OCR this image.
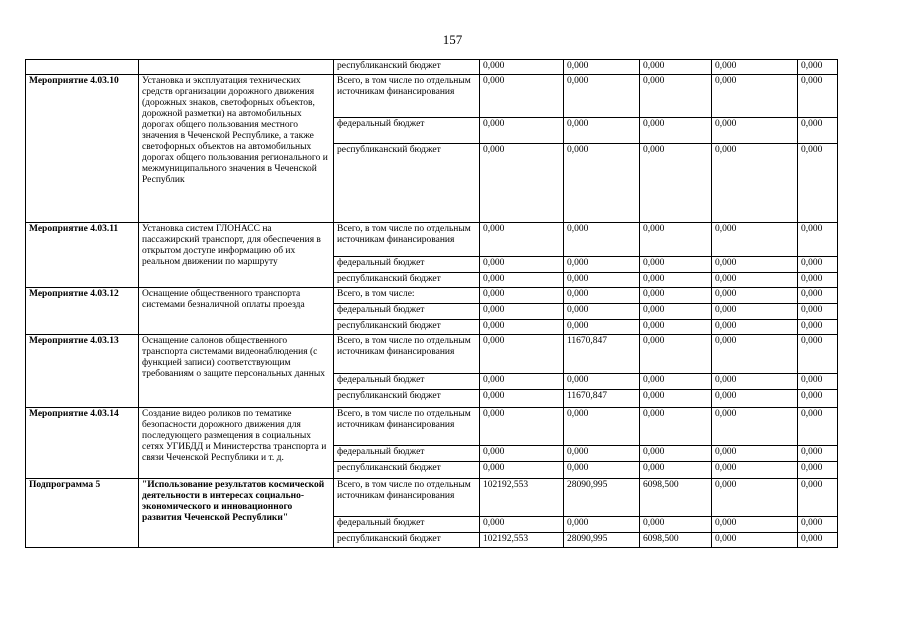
157
		республиканский бюджет	0,000	0,000	0,000	0,000	0,000
Мероприятие 4.03.10	Установка и эксплуатация технических средств организации дорожного движения (дорожных знаков, светофорных объектов, дорожной разметки) на автомобильных дорогах общего пользования местного значения в Чеченской Республике, а также светофорных объектов на автомобильных дорогах общего пользования регионального и межмуниципального значения в Чеченской Республик	Всего, в том числе по отдельным источникам финансирования	0,000	0,000	0,000	0,000	0,000
		федеральный бюджет	0,000	0,000	0,000	0,000	0,000
		республиканский бюджет	0,000	0,000	0,000	0,000	0,000
Мероприятие 4.03.11	Установка систем ГЛОНАСС на пассажирский транспорт, для обеспечения в открытом доступе информацию об их реальном движении по маршруту	Всего, в том числе по отдельным источникам финансирования	0,000	0,000	0,000	0,000	0,000
		федеральный бюджет	0,000	0,000	0,000	0,000	0,000
		республиканский бюджет	0,000	0,000	0,000	0,000	0,000
Мероприятие 4.03.12	Оснащение общественного транспорта системами безналичной оплаты проезда	Всего, в том числе:	0,000	0,000	0,000	0,000	0,000
		федеральный бюджет	0,000	0,000	0,000	0,000	0,000
		республиканский бюджет	0,000	0,000	0,000	0,000	0,000
Мероприятие 4.03.13	Оснащение салонов общественного транспорта системами видеонаблюдения (с функцией записи) соответствующим требованиям о защите персональных данных	Всего, в том числе по отдельным источникам финансирования	0,000	11670,847	0,000	0,000	0,000
		федеральный бюджет	0,000	0,000	0,000	0,000	0,000
		республиканский бюджет	0,000	11670,847	0,000	0,000	0,000
Мероприятие 4.03.14	Создание видео роликов по тематике безопасности дорожного движения для последующего размещения в социальных сетях УГИБДД и Министерства транспорта и связи Чеченской Республики и т. д.	Всего, в том числе по отдельным источникам финансирования	0,000	0,000	0,000	0,000	0,000
		федеральный бюджет	0,000	0,000	0,000	0,000	0,000
		республиканский бюджет	0,000	0,000	0,000	0,000	0,000
Подпрограмма 5	"Использование результатов космической деятельности в интересах социально-экономического и инновационного развития Чеченской Республики"	Всего, в том числе по отдельным источникам финансирования	102192,553	28090,995	6098,500	0,000	0,000
		федеральный бюджет	0,000	0,000	0,000	0,000	0,000
		республиканский бюджет	102192,553	28090,995	6098,500	0,000	0,000
